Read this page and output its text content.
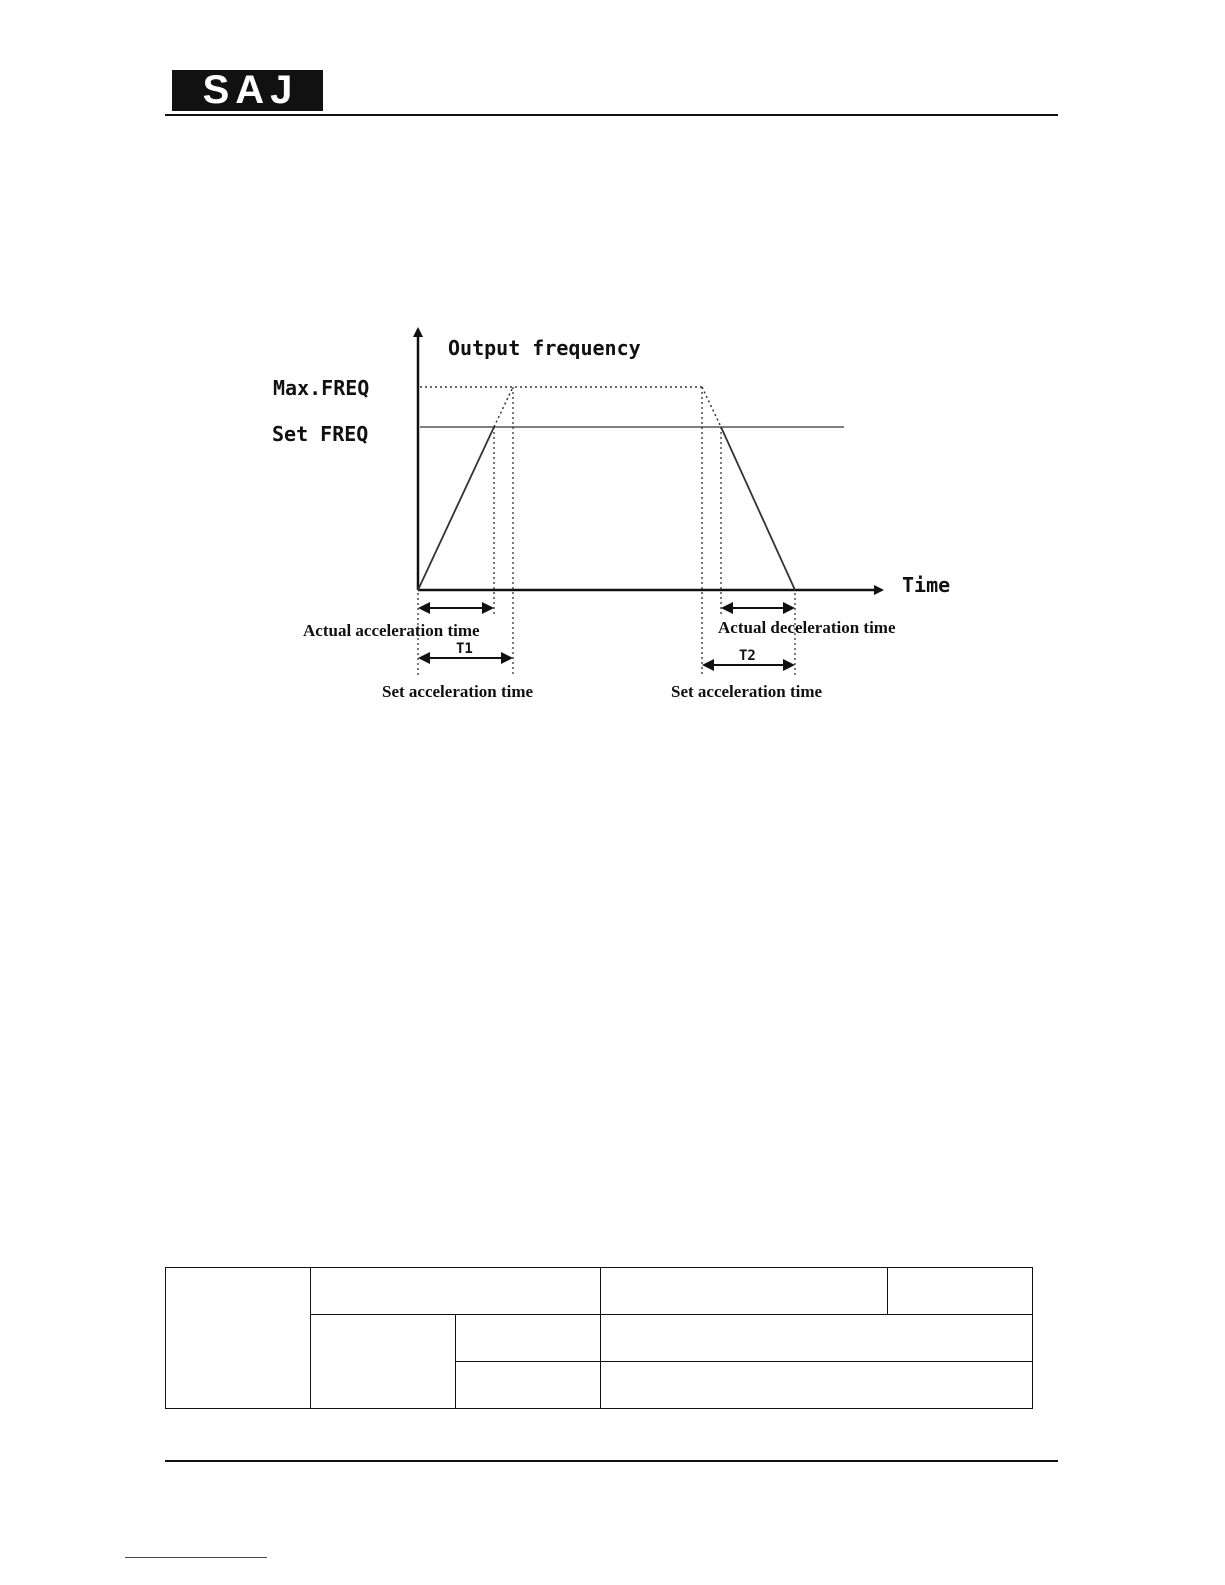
SAJ
Output frequency
Time
Max.FREQ
Set FREQ
Actual acceleration time
T1
Set acceleration time
Actual deceleration time
T2
Set acceleration time
